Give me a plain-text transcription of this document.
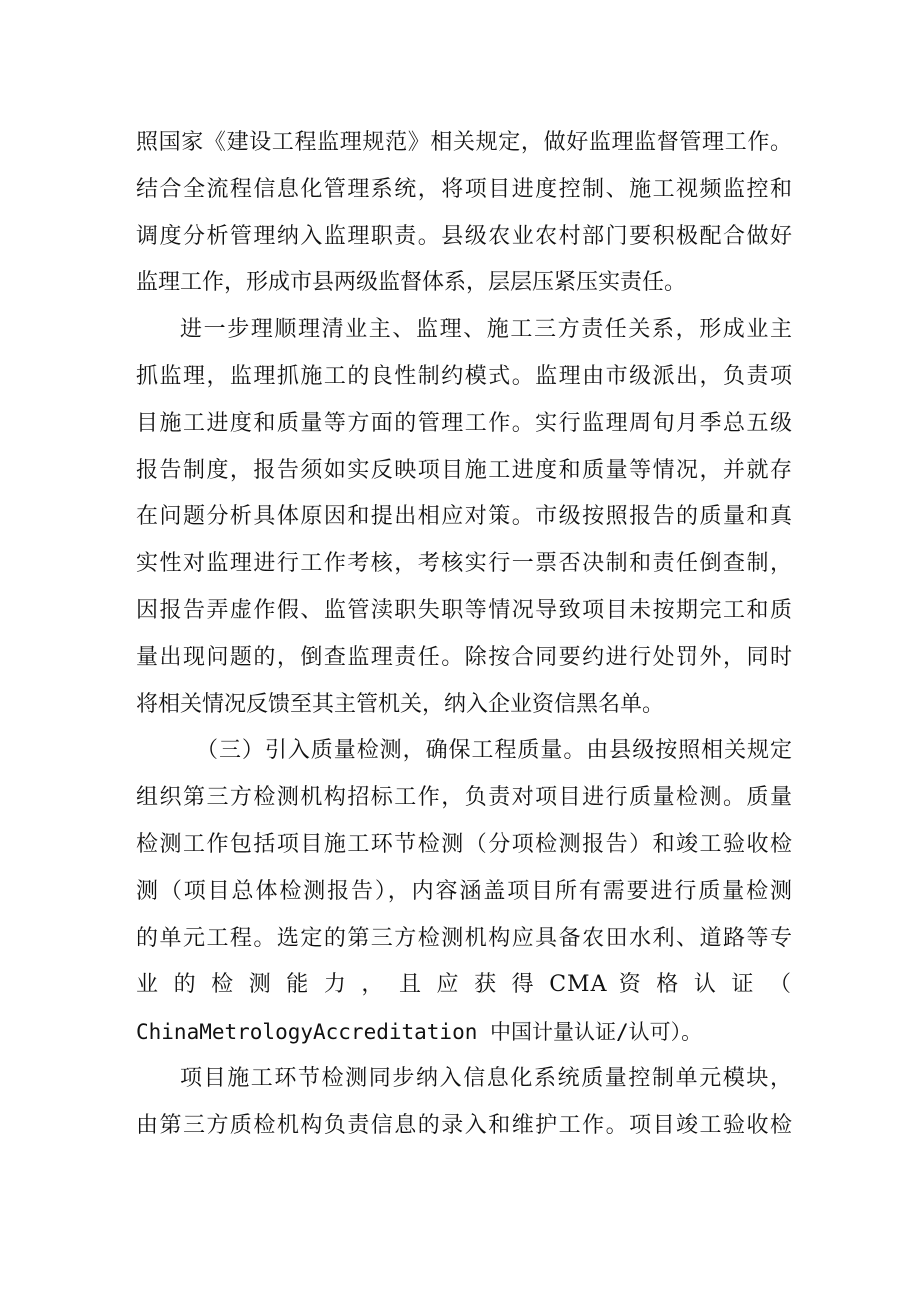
照国家《建设工程监理规范》相关规定，做好监理监督管理工作。
结合全流程信息化管理系统，将项目进度控制、施工视频监控和
调度分析管理纳入监理职责。县级农业农村部门要积极配合做好
监理工作，形成市县两级监督体系，层层压紧压实责任。
进一步理顺理清业主、监理、施工三方责任关系，形成业主
抓监理，监理抓施工的良性制约模式。监理由市级派出，负责项
目施工进度和质量等方面的管理工作。实行监理周旬月季总五级
报告制度，报告须如实反映项目施工进度和质量等情况，并就存
在问题分析具体原因和提出相应对策。市级按照报告的质量和真
实性对监理进行工作考核，考核实行一票否决制和责任倒查制，
因报告弄虚作假、监管渎职失职等情况导致项目未按期完工和质
量出现问题的，倒查监理责任。除按合同要约进行处罚外，同时
将相关情况反馈至其主管机关，纳入企业资信黑名单。
（三）引入质量检测，确保工程质量。由县级按照相关规定
组织第三方检测机构招标工作，负责对项目进行质量检测。质量
检测工作包括项目施工环节检测（分项检测报告）和竣工验收检
测（项目总体检测报告），内容涵盖项目所有需要进行质量检测
的单元工程。选定的第三方检测机构应具备农田水利、道路等专
业 的 检 测 能 力 ， 且 应 获 得 CMA 资 格 认 证 （
ChinaMetrologyAccreditation 中国计量认证/认可）。
项目施工环节检测同步纳入信息化系统质量控制单元模块，
由第三方质检机构负责信息的录入和维护工作。项目竣工验收检
